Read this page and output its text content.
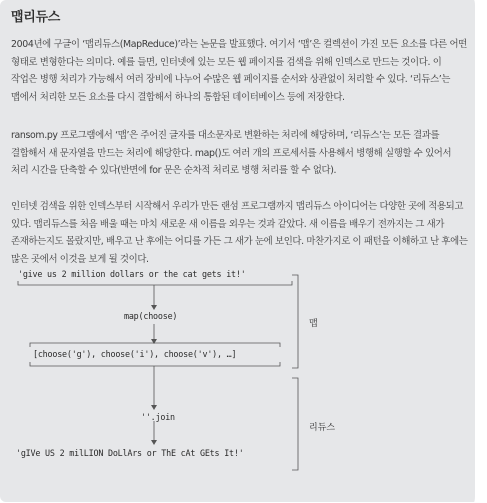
맵리듀스
2004년에 구글이 ‘맵리듀스(MapReduce)’라는 논문을 발표했다. 여기서 ‘맵’은 컬렉션이 가진 모든 요소를 다른 어떤 형태로 변형한다는 의미다. 예를 들면, 인터넷에 있는 모든 웹 페이지를 검색을 위해 인덱스로 만드는 것이다. 이 작업은 병행 처리가 가능해서 여러 장비에 나누어 수많은 웹 페이지를 순서와 상관없이 처리할 수 있다. ‘리듀스’는 맵에서 처리한 모든 요소를 다시 결합해서 하나의 통합된 데이터베이스 등에 저장한다.
ransom.py 프로그램에서 ‘맵’은 주어진 글자를 대소문자로 변환하는 처리에 해당하며, ‘리듀스’는 모든 결과를 결합해서 새 문자열을 만드는 처리에 해당한다. map()도 여러 개의 프로세서를 사용해서 병행해 실행할 수 있어서 처리 시간을 단축할 수 있다(반면에 for 문은 순차적 처리로 병행 처리를 할 수 없다).
인터넷 검색을 위한 인덱스부터 시작해서 우리가 만든 랜섬 프로그램까지 맵리듀스 아이디어는 다양한 곳에 적용되고 있다. 맵리듀스를 처음 배울 때는 마치 새로운 새 이름을 외우는 것과 같았다. 새 이름을 배우기 전까지는 그 새가 존재하는지도 몰랐지만, 배우고 난 후에는 어디를 가든 그 새가 눈에 보인다. 마찬가지로 이 패턴을 이해하고 난 후에는 많은 곳에서 이것을 보게 될 것이다.
'give us 2 million dollars or the cat gets it!'
map(choose)
[choose('g'), choose('i'), choose('v'), …]
''.join
'gIVe US 2 milLION DoLlArs or ThE cAt GEts It!'
맵
리듀스
